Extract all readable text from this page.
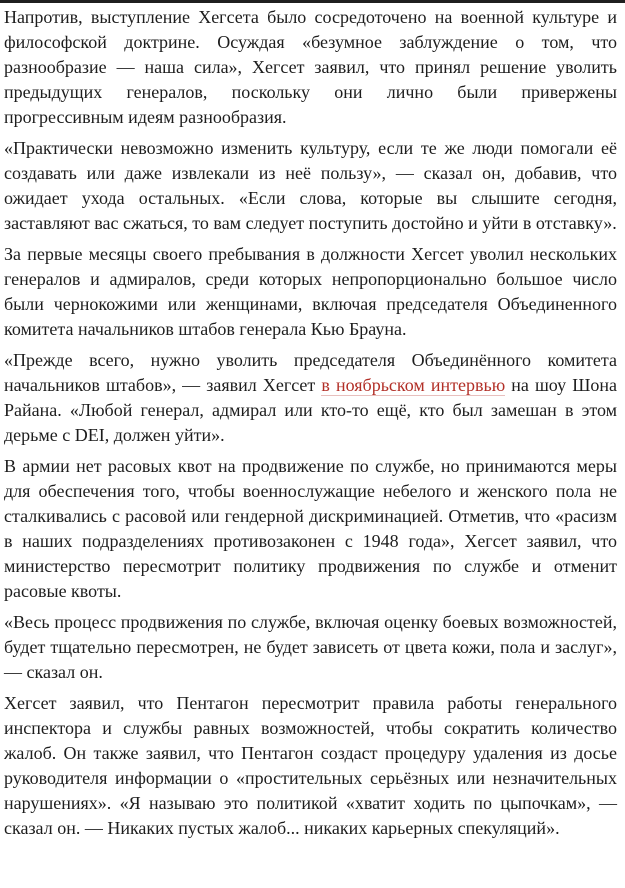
Напротив, выступление Хегсета было сосредоточено на военной культуре и философской доктрине. Осуждая «безумное заблуждение о том, что разнообразие — наша сила», Хегсет заявил, что принял решение уволить предыдущих генералов, поскольку они лично были привержены прогрессивным идеям разнообразия.

«Практически невозможно изменить культуру, если те же люди помогали её создавать или даже извлекали из неё пользу», — сказал он, добавив, что ожидает ухода остальных. «Если слова, которые вы слышите сегодня, заставляют вас сжаться, то вам следует поступить достойно и уйти в отставку».

За первые месяцы своего пребывания в должности Хегсет уволил нескольких генералов и адмиралов, среди которых непропорционально большое число были чернокожими или женщинами, включая председателя Объединенного комитета начальников штабов генерала Кью Брауна.

«Прежде всего, нужно уволить председателя Объединённого комитета начальников штабов», — заявил Хегсет в ноябрьском интервью на шоу Шона Райана. «Любой генерал, адмирал или кто-то ещё, кто был замешан в этом дерьме с DEI, должен уйти».

В армии нет расовых квот на продвижение по службе, но принимаются меры для обеспечения того, чтобы военнослужащие небелого и женского пола не сталкивались с расовой или гендерной дискриминацией. Отметив, что «расизм в наших подразделениях противозаконен с 1948 года», Хегсет заявил, что министерство пересмотрит политику продвижения по службе и отменит расовые квоты.

«Весь процесс продвижения по службе, включая оценку боевых возможностей, будет тщательно пересмотрен, не будет зависеть от цвета кожи, пола и заслуг», — сказал он.

Хегсет заявил, что Пентагон пересмотрит правила работы генерального инспектора и службы равных возможностей, чтобы сократить количество жалоб. Он также заявил, что Пентагон создаст процедуру удаления из досье руководителя информации о «простительных серьёзных или незначительных нарушениях». «Я называю это политикой «хватит ходить по цыпочкам», — сказал он. — Никаких пустых жалоб... никаких карьерных спекуляций».
